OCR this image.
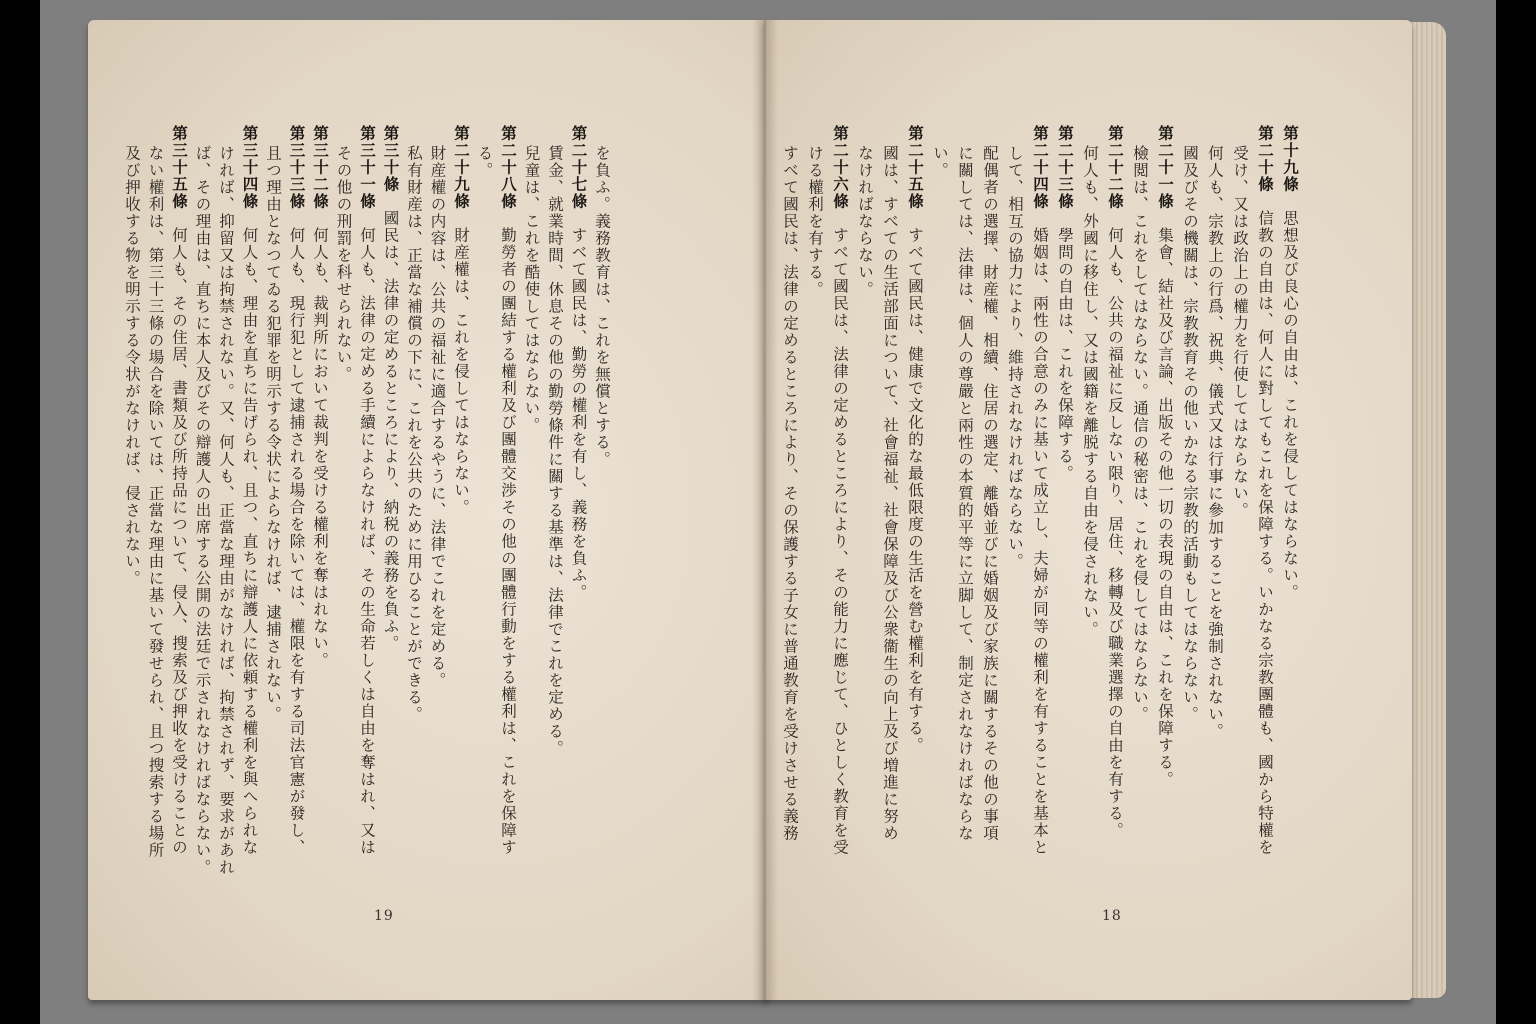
を負ふ。義務教育は、これを無償とする。
第二十七條　すべて國民は、勤勞の權利を有し、義務を負ふ。
賃金、就業時間、休息その他の勤勞條件に關する基準は、法律でこれを定める。
兒童は、これを酷使してはならない。
第二十八條　勤勞者の團結する權利及び團體交渉その他の團體行動をする權利は、これを保障す
る。
第二十九條　財産權は、これを侵してはならない。
財産權の内容は、公共の福祉に適合するやうに、法律でこれを定める。
私有財産は、正當な補償の下に、これを公共のために用ひることができる。
第三十條　國民は、法律の定めるところにより、納税の義務を負ふ。
第三十一條　何人も、法律の定める手續によらなければ、その生命若しくは自由を奪はれ、又は
その他の刑罰を科せられない。
第三十二條　何人も、裁判所において裁判を受ける權利を奪はれない。
第三十三條　何人も、現行犯として逮捕される場合を除いては、權限を有する司法官憲が發し、
且つ理由となつてゐる犯罪を明示する令状によらなければ、逮捕されない。
第三十四條　何人も、理由を直ちに告げられ、且つ、直ちに辯護人に依頼する權利を與へられな
ければ、抑留又は拘禁されない。又、何人も、正當な理由がなければ、拘禁されず、要求があれ
ば、その理由は、直ちに本人及びその辯護人の出席する公開の法廷で示されなければならない。
第三十五條　何人も、その住居、書類及び所持品について、侵入、搜索及び押收を受けることの
ない權利は、第三十三條の場合を除いては、正當な理由に基いて發せられ、且つ搜索する場所
及び押收する物を明示する令状がなければ、侵されない。
19
第十九條　思想及び良心の自由は、これを侵してはならない。
第二十條　信教の自由は、何人に對してもこれを保障する。いかなる宗教團體も、國から特權を
受け、又は政治上の權力を行使してはならない。
何人も、宗教上の行爲、祝典、儀式又は行事に參加することを強制されない。
國及びその機關は、宗教教育その他いかなる宗教的活動もしてはならない。
第二十一條　集會、結社及び言論、出版その他一切の表現の自由は、これを保障する。
檢閲は、これをしてはならない。通信の秘密は、これを侵してはならない。
第二十二條　何人も、公共の福祉に反しない限り、居住、移轉及び職業選擇の自由を有する。
何人も、外國に移住し、又は國籍を離脱する自由を侵されない。
第二十三條　學問の自由は、これを保障する。
第二十四條　婚姻は、兩性の合意のみに基いて成立し、夫婦が同等の權利を有することを基本と
して、相互の協力により、維持されなければならない。
配偶者の選擇、財産權、相續、住居の選定、離婚並びに婚姻及び家族に關するその他の事項
に關しては、法律は、個人の尊嚴と兩性の本質的平等に立脚して、制定されなければならな
い。
第二十五條　すべて國民は、健康で文化的な最低限度の生活を營む權利を有する。
國は、すべての生活部面について、社會福祉、社會保障及び公衆衞生の向上及び増進に努め
なければならない。
第二十六條　すべて國民は、法律の定めるところにより、その能力に應じて、ひとしく教育を受
ける權利を有する。
すべて國民は、法律の定めるところにより、その保護する子女に普通教育を受けさせる義務
18
